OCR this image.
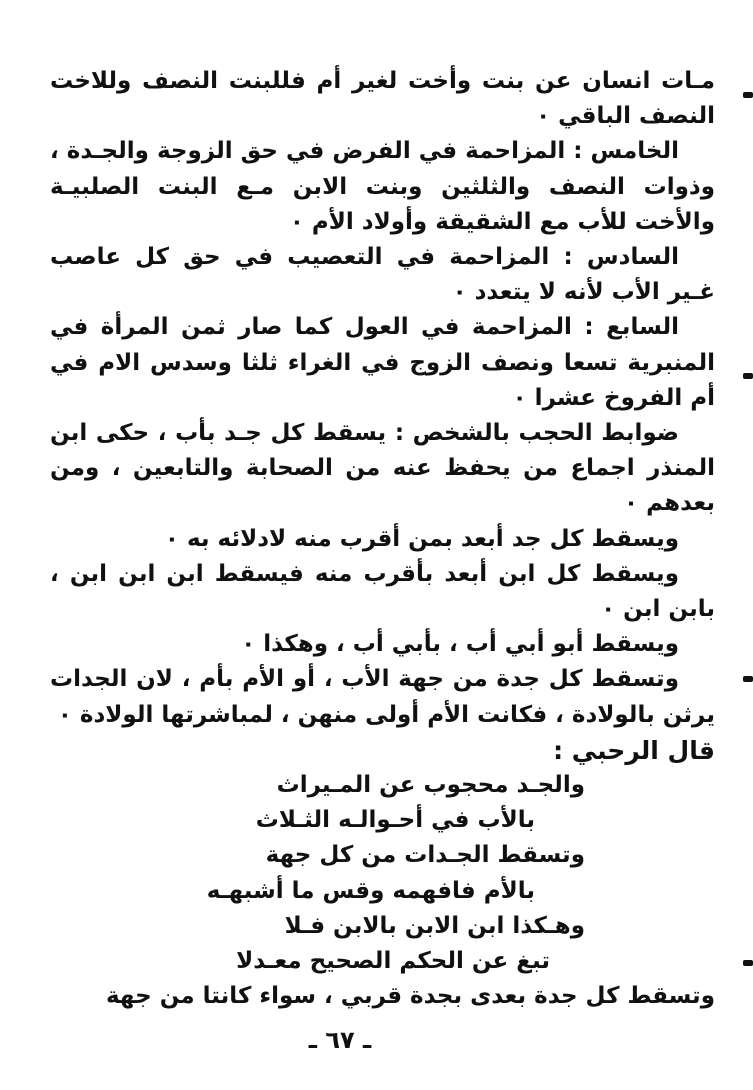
مـات انسان عن بنت وأخت لغير أم فللبنت النصف وللاخت النصف الباقي ٠

الخامس : المزاحمة في الفرض في حق الزوجة والجـدة ، وذوات النصف والثلثين وبنت الابن مـع البنت الصلبيـة والأخت للأب مع الشقيقة وأولاد الأم ٠

السادس : المزاحمة في التعصيب في حق كل عاصب غـير الأب لأنه لا يتعدد ٠

السابع : المزاحمة في العول كما صار ثمن المرأة في المنبرية تسعا ونصف الزوج في الغراء ثلثا وسدس الام في أم الفروخ عشرا ٠

ضوابط الحجب بالشخص : يسقط كل جـد بأب ، حكى ابن المنذر اجماع من يحفظ عنه من الصحابة والتابعين ، ومن بعدهم ٠

ويسقط كل جد أبعد بمن أقرب منه لادلائه به ٠

ويسقط كل ابن أبعد بأقرب منه فيسقط ابن ابن ابن ، بابن ابن ٠

ويسقط أبو أبي أب ، بأبي أب ، وهكذا ٠

وتسقط كل جدة من جهة الأب ، أو الأم بأم ، لان الجدات يرثن بالولادة ، فكانت الأم أولى منهن ، لمباشرتها الولادة ٠

قال الرحبي :

والجـد محجوب عن المـيراث

بالأب في أحـوالـه الثـلاث

وتسقط الجـدات من كل جهة

بالأم فافهمه وقس ما أشبهـه

وهـكذا ابن الابن بالابن فـلا

تبغ عن الحكم الصحيح معـدلا

وتسقط كل جدة بعدى بجدة قربي ، سواء كانتا من جهة

ـ ٦٧ ـ
